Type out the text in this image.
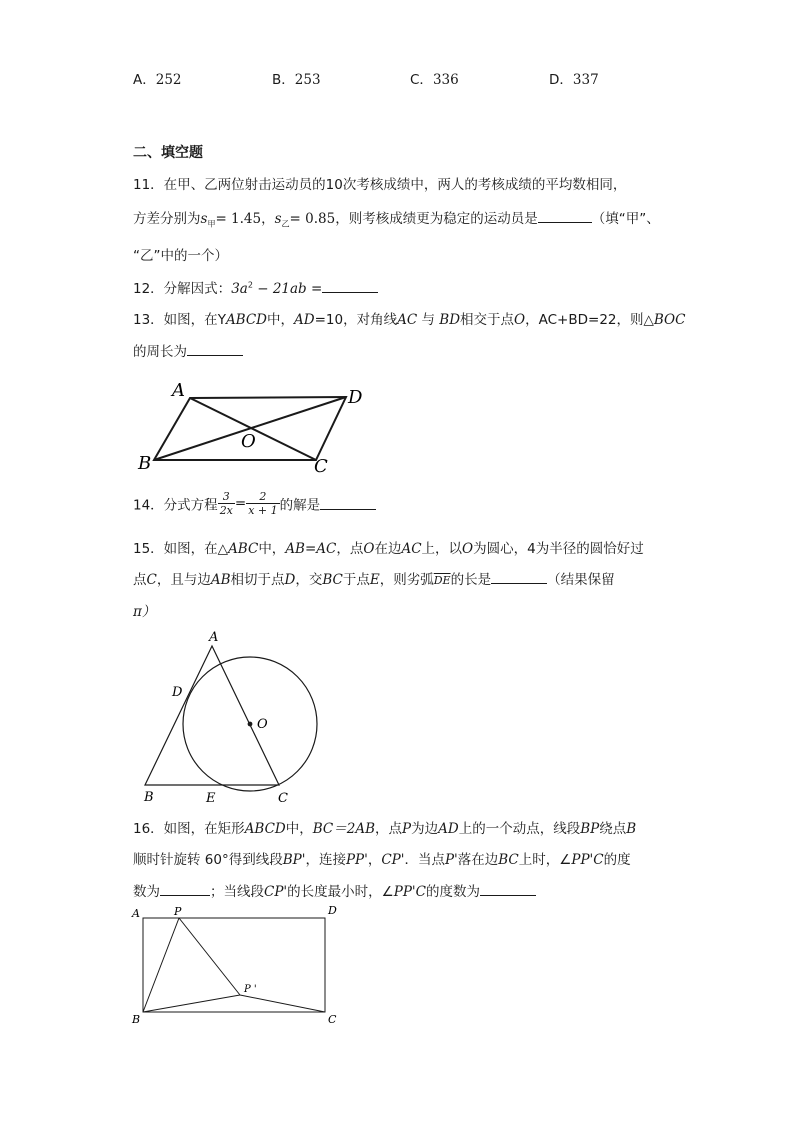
A．252	B．253	C．336	D．337
二、填空题
11．在甲、乙两位射击运动员的10次考核成绩中，两人的考核成绩的平均数相同，
方差分别为$s_甲= 1.45$，$s_乙= 0.85$，则考核成绩更为稳定的运动员是	（填“甲”、
“乙”中的一个）
12．分解因式：$3a^2 - 21ab$ =
13．如图，在YABCD中，AD=10，对角线AC 与 BD相交于点O，AC+BD=22，则△BOC
的周长为
A	D
B	C
O
14．分式方程 $\frac{3}{2x} = \frac{2}{x + 1}$ 的解是
15．如图，在△ABC中，AB=AC，点O在边AC上，以O为圆心，4为半径的圆恰好过
点C，且与边AB相切于点D，交BC于点E，则劣弧$\overline{DE}$的长是	（结果保留
π）
A
D
O
B	E	C
16．如图，在矩形ABCD中，BC＝2AB，点P为边AD上的一个动点，线段BP绕点B
顺时针旋转 60°得到线段BP'，连接PP'，CP'．当点P'落在边BC上时，∠PP'C的度
数为	；当线段CP'的长度最小时，∠PP'C的度数为
A	P	D
P '
B	C
